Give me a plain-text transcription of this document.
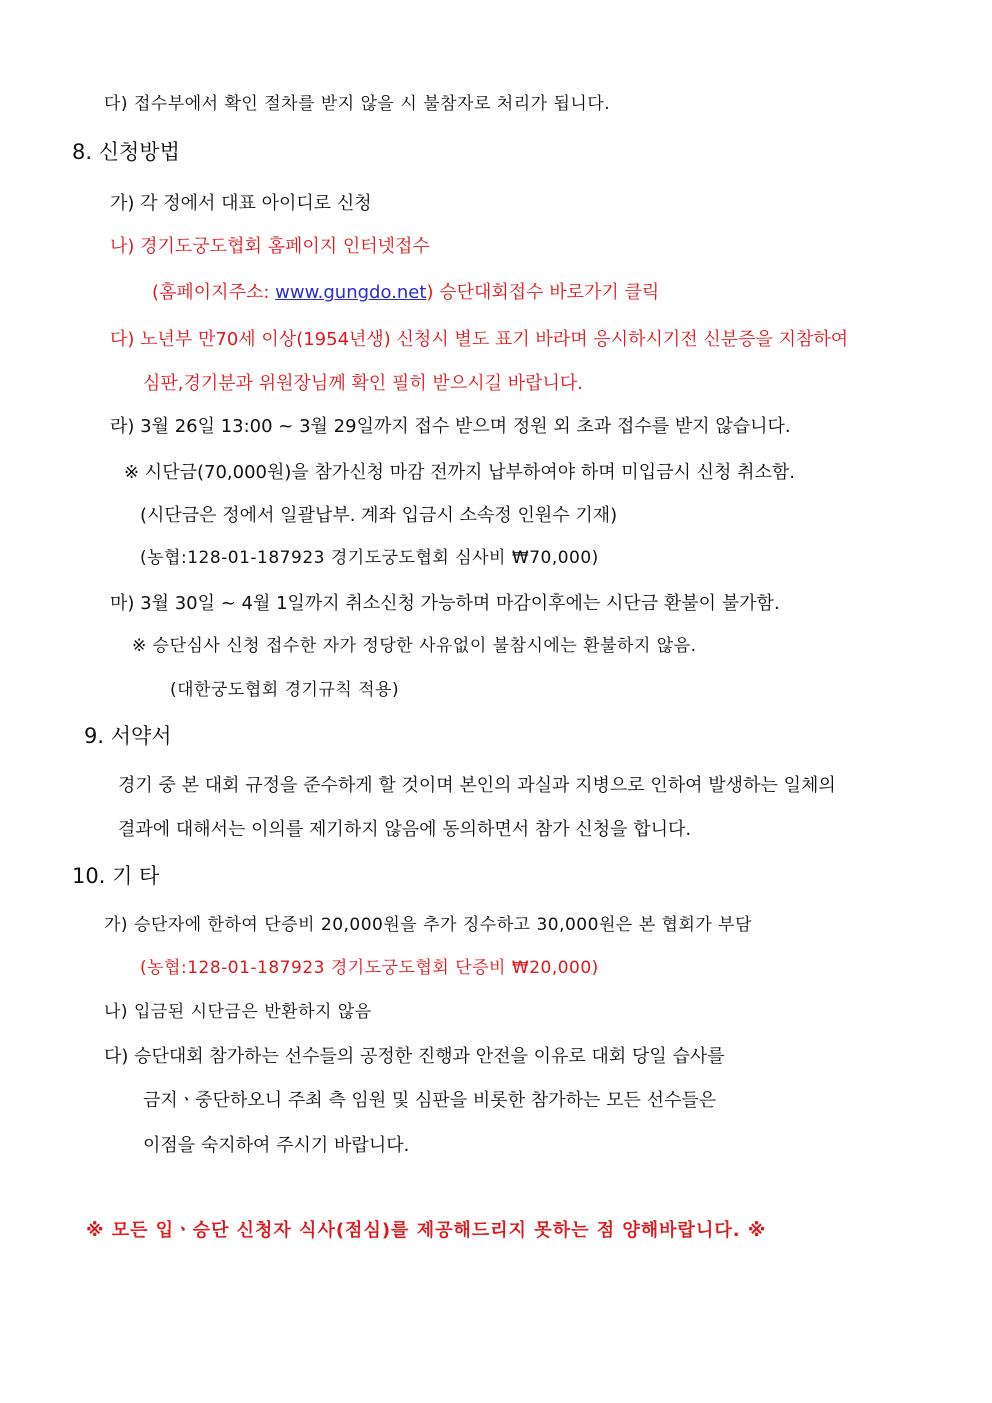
다) 접수부에서 확인 절차를 받지 않을 시 불참자로 처리가 됩니다.
8. 신청방법
가) 각 정에서 대표 아이디로 신청
나) 경기도궁도협회 홈페이지 인터넷접수
(홈페이지주소: www.gungdo.net) 승단대회접수 바로가기 클릭
다) 노년부 만70세 이상(1954년생) 신청시 별도 표기 바라며 응시하시기전 신분증을 지참하여
심판,경기분과 위원장님께 확인 필히 받으시길 바랍니다.
라) 3월 26일 13:00 ~ 3월 29일까지 접수 받으며 정원 외 초과 접수를 받지 않습니다.
※ 시단금(70,000원)을 참가신청 마감 전까지 납부하여야 하며 미입금시 신청 취소함.
(시단금은 정에서 일괄납부. 계좌 입금시 소속정 인원수 기재)
(농협:128-01-187923 경기도궁도협회 심사비 ₩70,000)
마) 3월 30일 ~ 4월 1일까지 취소신청 가능하며 마감이후에는 시단금 환불이 불가함.
※ 승단심사 신청 접수한 자가 정당한 사유없이 불참시에는 환불하지 않음.
(대한궁도협회 경기규칙 적용)
9. 서약서
경기 중 본 대회 규정을 준수하게 할 것이며 본인의 과실과 지병으로 인하여 발생하는 일체의
결과에 대해서는 이의를 제기하지 않음에 동의하면서 참가 신청을 합니다.
10. 기 타
가) 승단자에 한하여 단증비 20,000원을 추가 징수하고 30,000원은 본 협회가 부담
(농협:128-01-187923 경기도궁도협회 단증비 ₩20,000)
나) 입금된 시단금은 반환하지 않음
다) 승단대회 참가하는 선수들의 공정한 진행과 안전을 이유로 대회 당일 습사를
금지ㆍ중단하오니 주최 측 임원 및 심판을 비롯한 참가하는 모든 선수들은
이점을 숙지하여 주시기 바랍니다.
※ 모든 입ㆍ승단 신청자 식사(점심)를 제공해드리지 못하는 점 양해바랍니다. ※
